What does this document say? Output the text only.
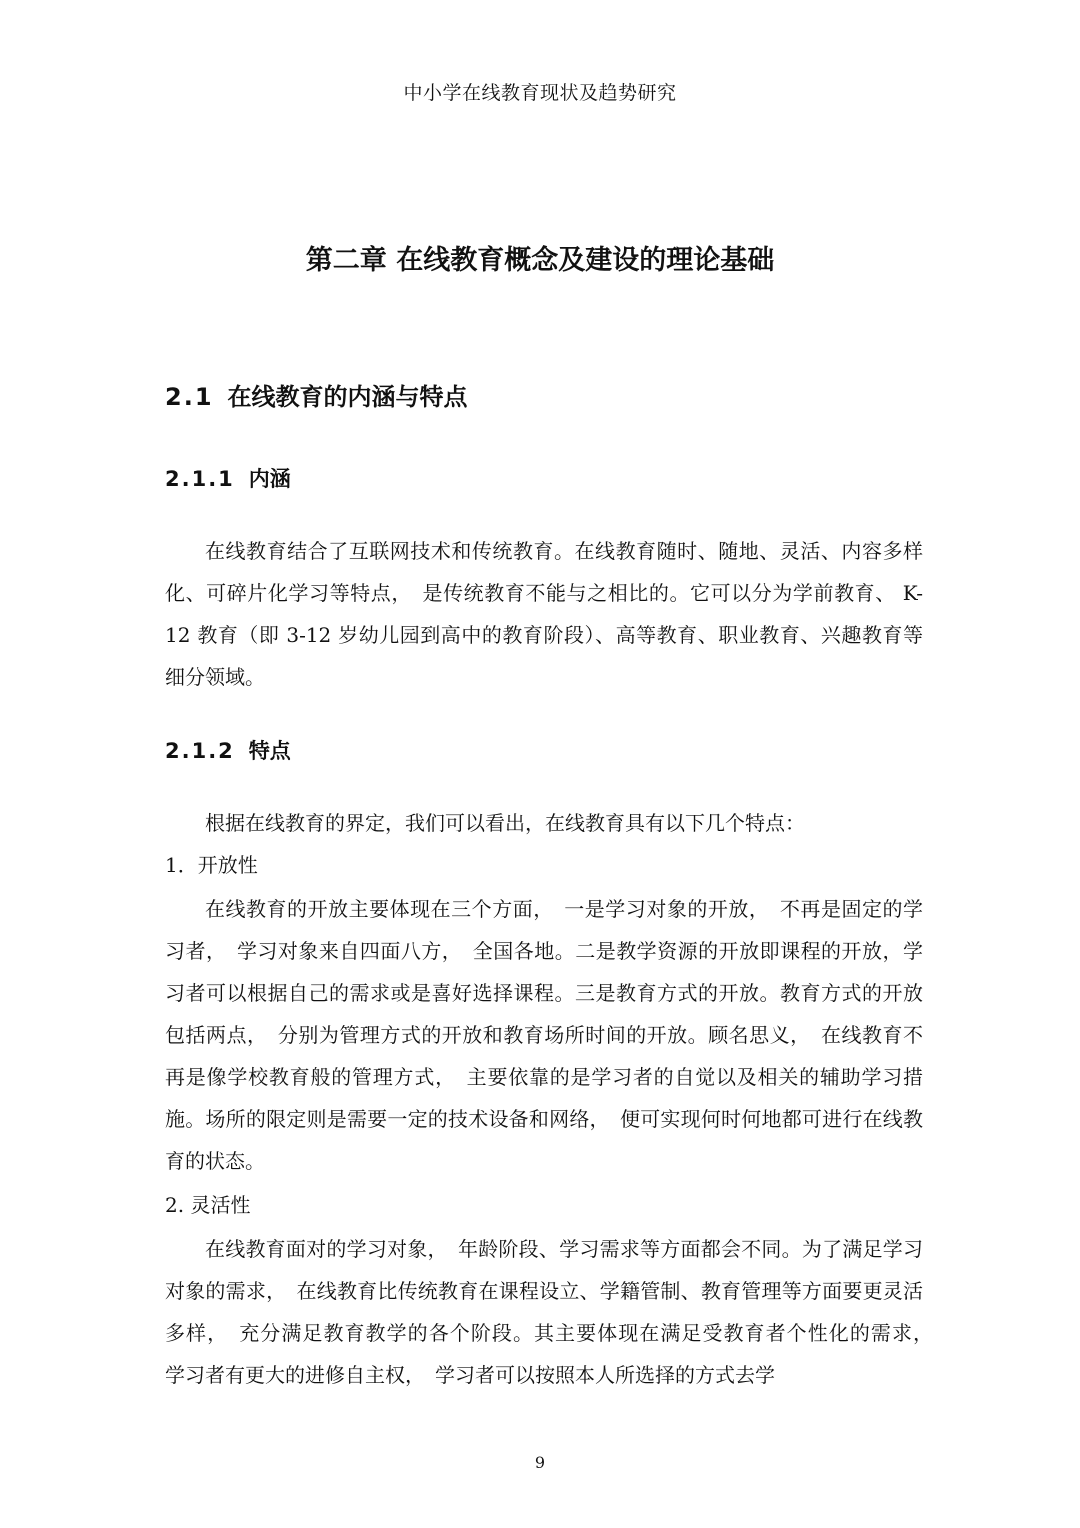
中小学在线教育现状及趋势研究
第二章 在线教育概念及建设的理论基础
2.1 在线教育的内涵与特点
2.1.1 内涵

在线教育结合了互联网技术和传统教育。在线教育随时、随地、灵活、内容多样化、可碎片化学习等特点，　是传统教育不能与之相比的。它可以分为学前教育、 K-12 教育（即 3-12 岁幼儿园到高中的教育阶段）、高等教育、职业教育、兴趣教育等细分领域。

2.1.2 特点

根据在线教育的界定，我们可以看出，在线教育具有以下几个特点：

1．开放性

在线教育的开放主要体现在三个方面，　一是学习对象的开放，　不再是固定的学习者，　学习对象来自四面八方，　全国各地。二是教学资源的开放即课程的开放，学习者可以根据自己的需求或是喜好选择课程。三是教育方式的开放。教育方式的开放包括两点，　分别为管理方式的开放和教育场所时间的开放。顾名思义，　在线教育不再是像学校教育般的管理方式，　主要依靠的是学习者的自觉以及相关的辅助学习措施。场所的限定则是需要一定的技术设备和网络，　便可实现何时何地都可进行在线教育的状态。

2. 灵活性

在线教育面对的学习对象，　年龄阶段、学习需求等方面都会不同。为了满足学习对象的需求，　在线教育比传统教育在课程设立、学籍管制、教育管理等方面要更灵活多样，　充分满足教育教学的各个阶段。其主要体现在满足受教育者个性化的需求，　学习者有更大的进修自主权，　学习者可以按照本人所选择的方式去学

9
